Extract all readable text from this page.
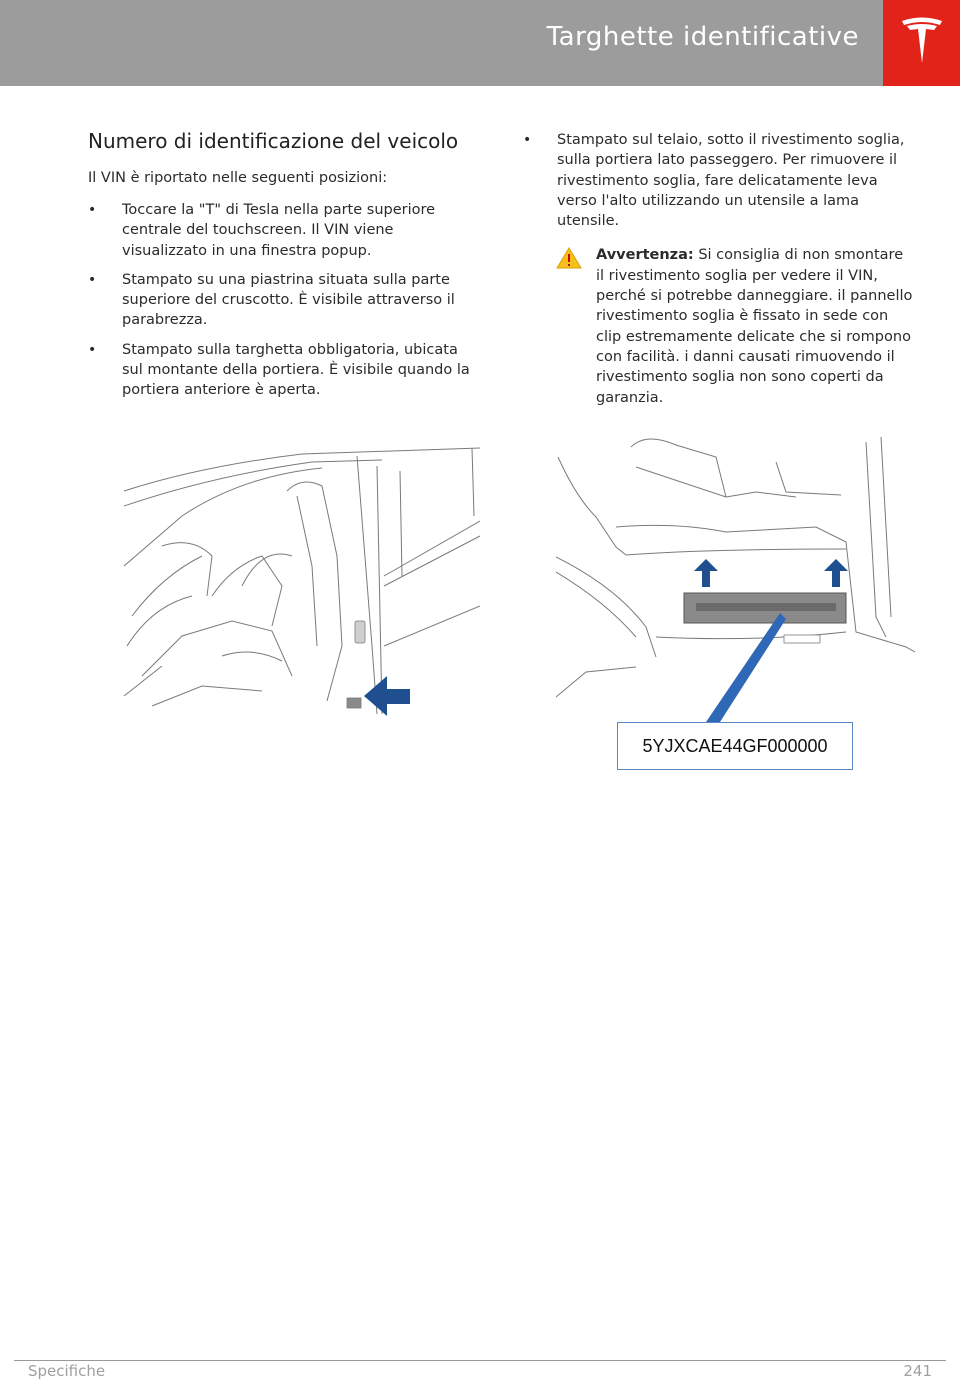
Targhette identificative
Numero di identificazione del veicolo

Il VIN è riportato nelle seguenti posizioni:

• Toccare la "T" di Tesla nella parte superiore centrale del touchscreen. Il VIN viene visualizzato in una finestra popup.
• Stampato su una piastrina situata sulla parte superiore del cruscotto. È visibile attraverso il parabrezza.
• Stampato sulla targhetta obbligatoria, ubicata sul montante della portiera. È visibile quando la portiera anteriore è aperta.
• Stampato sul telaio, sotto il rivestimento soglia, sulla portiera lato passeggero. Per rimuovere il rivestimento soglia, fare delicatamente leva verso l'alto utilizzando un utensile a lama utensile.
Avvertenza: Si consiglia di non smontare il rivestimento soglia per vedere il VIN, perché si potrebbe danneggiare. il pannello rivestimento soglia è fissato in sede con clip estremamente delicate che si rompono con facilità. i danni causati rimuovendo il rivestimento soglia non sono coperti da garanzia.
5YJXCAE44GF000000
Specifiche	241
